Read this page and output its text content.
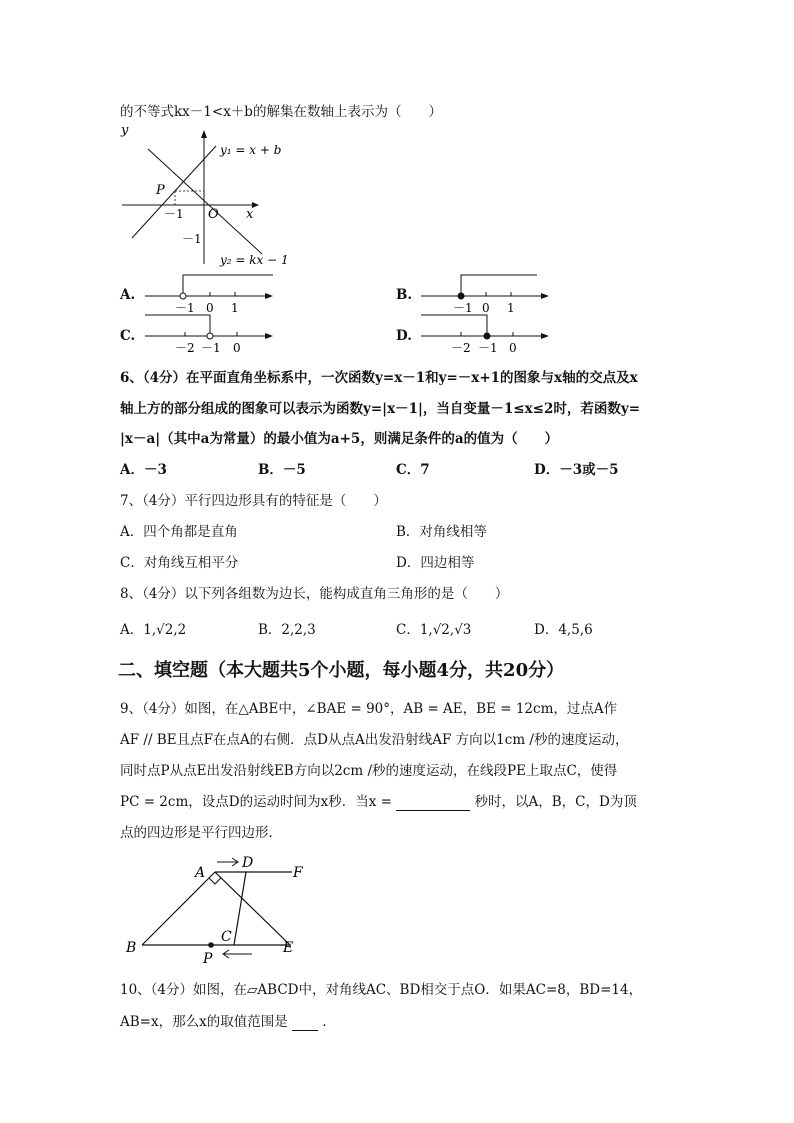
的不等式kx－1<x＋b的解集在数轴上表示为（　　）
y
x
O
P
－1
－1
y₁ = x + b
y₂ = kx − 1
A.
－1 0 1
B.
－1 0 1
C.
－2 －1 0
D.
－2 －1 0
6、（4分）在平面直角坐标系中，一次函数y=x－1和y=－x+1的图象与x轴的交点及x
轴上方的部分组成的图象可以表示为函数y=|x－1|，当自变量－1≤x≤2时，若函数y=
|x－a|（其中a为常量）的最小值为a+5，则满足条件的a的值为（　　）
A．－3	B．－5	C．7	D．－3或－5
7、（4分）平行四边形具有的特征是（　　）
A．四个角都是直角	B．对角线相等
C．对角线互相平分	D．四边相等
8、（4分）以下列各组数为边长，能构成直角三角形的是（　　）
A．1,√2,2	B．2,2,3	C．1,√2,√3	D．4,5,6
二、填空题（本大题共5个小题，每小题4分，共20分）
9、（4分）如图，在△ABE中，∠BAE = 90°，AB = AE，BE = 12cm，过点A作
AF // BE且点F在点A的右侧．点D从点A出发沿射线AF 方向以1cm /秒的速度运动，
同时点P从点E出发沿射线EB方向以2cm /秒的速度运动，在线段PE上取点C，使得
PC = 2cm，设点D的运动时间为x秒．当x =	秒时，以A，B，C，D为顶
点的四边形是平行四边形．
A
D
F
B
C
E
P
10、（4分）如图，在▱ABCD中，对角线AC、BD相交于点O．如果AC=8，BD=14，
AB=x，那么x的取值范围是	．
